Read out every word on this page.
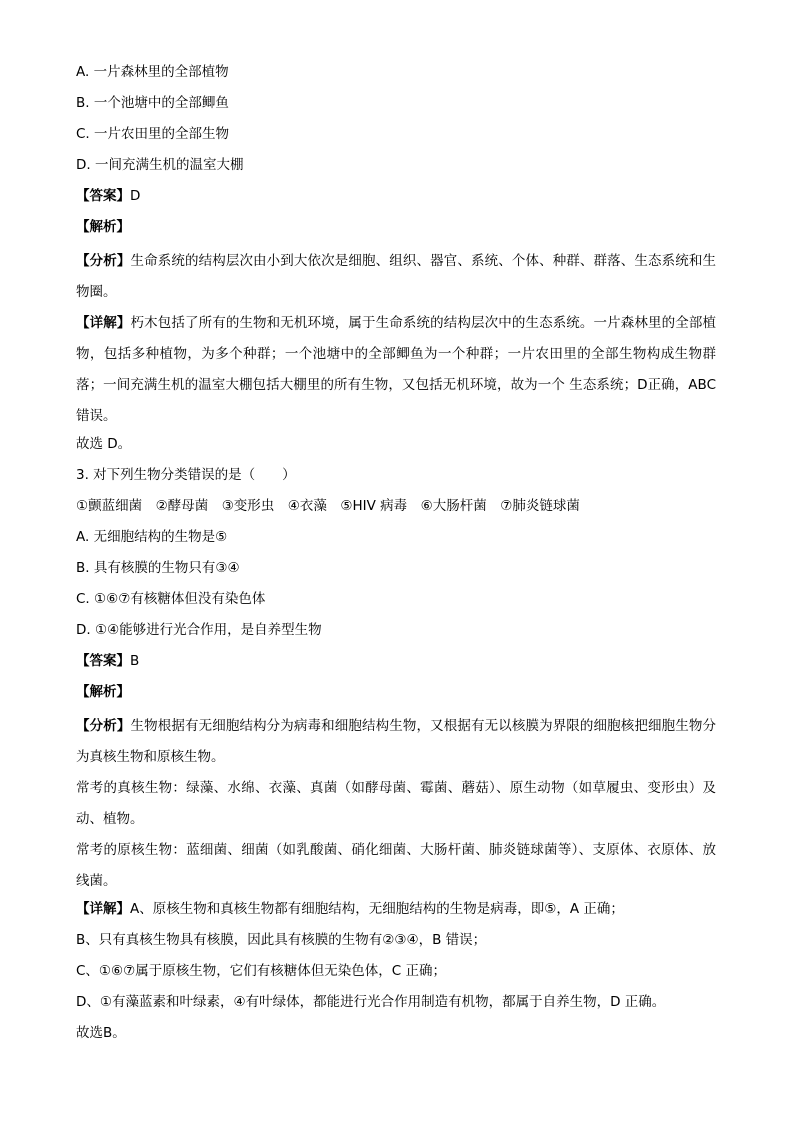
A. 一片森林里的全部植物
B. 一个池塘中的全部鲫鱼
C. 一片农田里的全部生物
D. 一间充满生机的温室大棚
【答案】D
【解析】
【分析】生命系统的结构层次由小到大依次是细胞、组织、器官、系统、个体、种群、群落、生态系统和生物圈。
【详解】朽木包括了所有的生物和无机环境，属于生命系统的结构层次中的生态系统。一片森林里的全部植物，包括多种植物，为多个种群；一个池塘中的全部鲫鱼为一个种群；一片农田里的全部生物构成生物群落；一间充满生机的温室大棚包括大棚里的所有生物，又包括无机环境，故为一个 生态系统；D正确，ABC 错误。
故选 D。
3. 对下列生物分类错误的是（　　）
①颤蓝细菌　②酵母菌　③变形虫　④衣藻　⑤HIV 病毒　⑥大肠杆菌　⑦肺炎链球菌
A. 无细胞结构的生物是⑤
B. 具有核膜的生物只有③④
C. ①⑥⑦有核糖体但没有染色体
D. ①④能够进行光合作用，是自养型生物
【答案】B
【解析】
【分析】生物根据有无细胞结构分为病毒和细胞结构生物，又根据有无以核膜为界限的细胞核把细胞生物分为真核生物和原核生物。
常考的真核生物：绿藻、水绵、衣藻、真菌（如酵母菌、霉菌、蘑菇）、原生动物（如草履虫、变形虫）及动、植物。
常考的原核生物：蓝细菌、细菌（如乳酸菌、硝化细菌、大肠杆菌、肺炎链球菌等）、支原体、衣原体、放线菌。
【详解】A、原核生物和真核生物都有细胞结构，无细胞结构的生物是病毒，即⑤，A 正确；
B、只有真核生物具有核膜，因此具有核膜的生物有②③④，B 错误；
C、①⑥⑦属于原核生物，它们有核糖体但无染色体，C 正确；
D、①有藻蓝素和叶绿素，④有叶绿体，都能进行光合作用制造有机物，都属于自养生物，D 正确。
故选B。
